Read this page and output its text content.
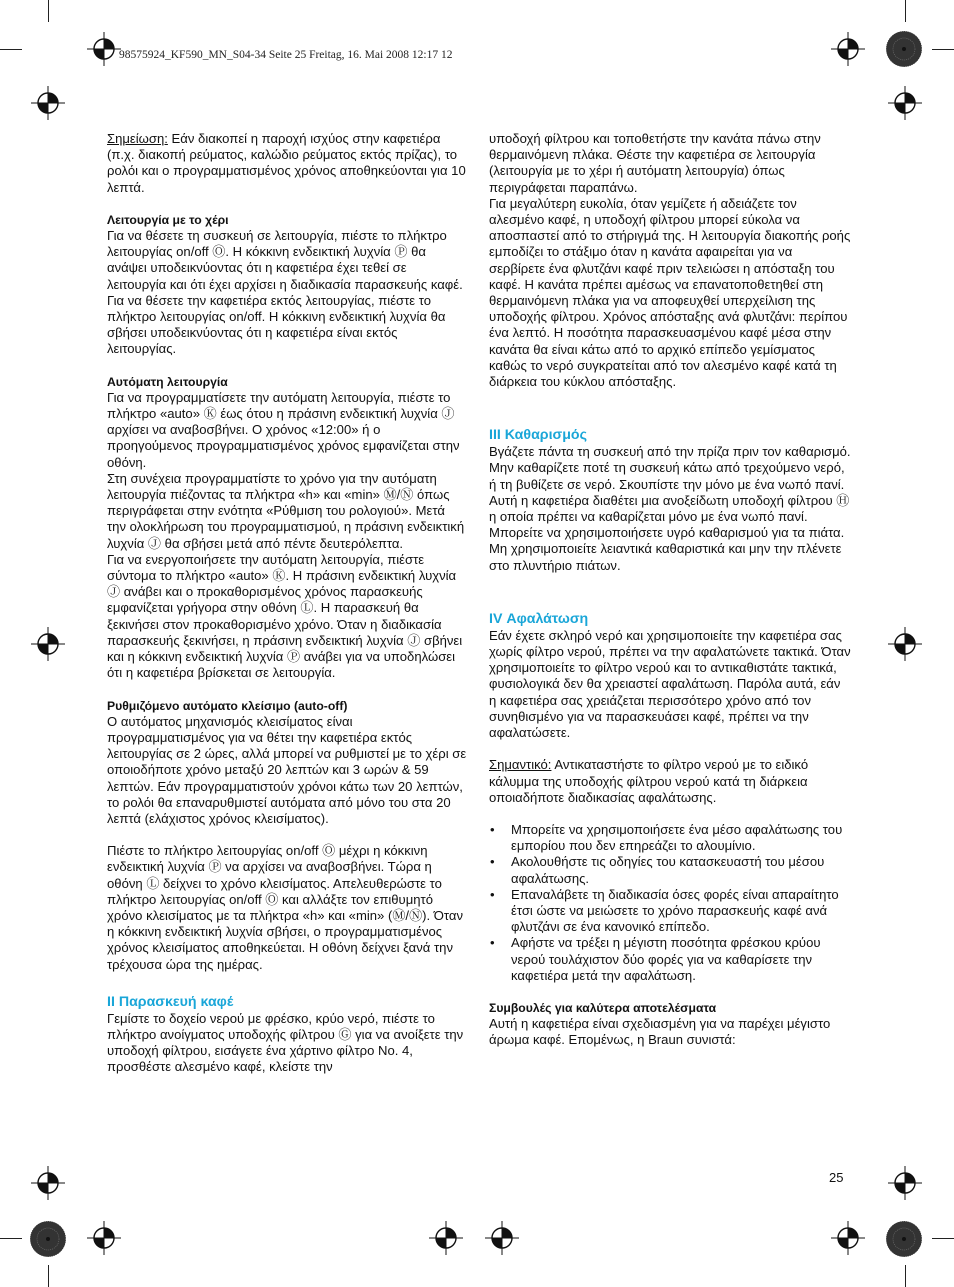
98575924_KF590_MN_S04-34 Seite 25 Freitag, 16. Mai 2008 12:17 12

Σημείωση: Εάν διακοπεί η παροχή ισχύος στην καφετιέρα (π.χ. διακοπή ρεύματος, καλώδιο ρεύματος εκτός πρίζας), το ρολόι και ο προγραμματισμένος χρόνος αποθηκεύονται για 10 λεπτά.

Λειτουργία με το χέρι

Για να θέσετε τη συσκευή σε λειτουργία, πιέστε το πλήκτρο λειτουργίας on/off Ⓞ. Η κόκκινη ενδεικτική λυχνία Ⓟ θα ανάψει υποδεικνύοντας ότι η καφετιέρα έχει τεθεί σε λειτουργία και ότι έχει αρχίσει η διαδικασία παρασκευής καφέ. Για να θέσετε την καφετιέρα εκτός λειτουργίας, πιέστε το πλήκτρο λειτουργίας on/off. Η κόκκινη ενδεικτική λυχνία θα σβήσει υποδεικνύοντας ότι η καφετιέρα είναι εκτός λειτουργίας.

Αυτόματη λειτουργία

Για να προγραμματίσετε την αυτόματη λειτουργία, πιέστε το πλήκτρο «auto» Ⓚ έως ότου η πράσινη ενδεικτική λυχνία Ⓙ αρχίσει να αναβοσβήνει. Ο χρόνος «12:00» ή ο προηγούμενος προγραμματισμένος χρόνος εμφανίζεται στην οθόνη.

Στη συνέχεια προγραμματίστε το χρόνο για την αυτόματη λειτουργία πιέζοντας τα πλήκτρα «h» και «min» Ⓜ/Ⓝ όπως περιγράφεται στην ενότητα «Ρύθμιση του ρολογιού». Μετά την ολοκλήρωση του προγραμματισμού, η πράσινη ενδεικτική λυχνία Ⓙ θα σβήσει μετά από πέντε δευτερόλεπτα.

Για να ενεργοποιήσετε την αυτόματη λειτουργία, πιέστε σύντομα το πλήκτρο «auto» Ⓚ. Η πράσινη ενδεικτική λυχνία Ⓙ ανάβει και ο προκαθορισμένος χρόνος παρασκευής εμφανίζεται γρήγορα στην οθόνη Ⓛ. Η παρασκευή θα ξεκινήσει στον προκαθορισμένο χρόνο. Όταν η διαδικασία παρασκευής ξεκινήσει, η πράσινη ενδεικτική λυχνία Ⓙ σβήνει και η κόκκινη ενδεικτική λυχνία Ⓟ ανάβει για να υποδηλώσει ότι η καφετιέρα βρίσκεται σε λειτουργία.

Ρυθμιζόμενο αυτόματο κλείσιμο (auto-off)

Ο αυτόματος μηχανισμός κλεισίματος είναι προγραμματισμένος για να θέτει την καφετιέρα εκτός λειτουργίας σε 2 ώρες, αλλά μπορεί να ρυθμιστεί με το χέρι σε οποιοδήποτε χρόνο μεταξύ 20 λεπτών και 3 ωρών & 59 λεπτών. Εάν προγραμματιστούν χρόνοι κάτω των 20 λεπτών, το ρολόι θα επαναρυθμιστεί αυτόματα από μόνο του στα 20 λεπτά (ελάχιστος χρόνος κλεισίματος).

Πιέστε το πλήκτρο λειτουργίας on/off Ⓞ μέχρι η κόκκινη ενδεικτική λυχνία Ⓟ να αρχίσει να αναβοσβήνει. Τώρα η οθόνη Ⓛ δείχνει το χρόνο κλεισίματος. Απελευθερώστε το πλήκτρο λειτουργίας on/off Ⓞ και αλλάξτε τον επιθυμητό χρόνο κλεισίματος με τα πλήκτρα «h» και «min» (Ⓜ/Ⓝ). Όταν η κόκκινη ενδεικτική λυχνία σβήσει, ο προγραμματισμένος χρόνος κλεισίματος αποθηκεύεται. Η οθόνη δείχνει ξανά την τρέχουσα ώρα της ημέρας.

II Παρασκευή καφέ

Γεμίστε το δοχείο νερού με φρέσκο, κρύο νερό, πιέστε το πλήκτρο ανοίγματος υποδοχής φίλτρου Ⓖ για να ανοίξετε την υποδοχή φίλτρου, εισάγετε ένα χάρτινο φίλτρο No. 4, προσθέστε αλεσμένο καφέ, κλείστε την

υποδοχή φίλτρου και τοποθετήστε την κανάτα πάνω στην θερμαινόμενη πλάκα. Θέστε την καφετιέρα σε λειτουργία (λειτουργία με το χέρι ή αυτόματη λειτουργία) όπως περιγράφεται παραπάνω.

Για μεγαλύτερη ευκολία, όταν γεμίζετε ή αδειάζετε τον αλεσμένο καφέ, η υποδοχή φίλτρου μπορεί εύκολα να αποσπαστεί από το στήριγμά της. Η λειτουργία διακοπής ροής εμποδίζει το στάξιμο όταν η κανάτα αφαιρείται για να σερβίρετε ένα φλυτζάνι καφέ πριν τελειώσει η απόσταξη του καφέ. Η κανάτα πρέπει αμέσως να επανατοποθετηθεί στη θερμαινόμενη πλάκα για να αποφευχθεί υπερχείλιση της υποδοχής φίλτρου. Χρόνος απόσταξης ανά φλυτζάνι: περίπου ένα λεπτό. Η ποσότητα παρασκευασμένου καφέ μέσα στην κανάτα θα είναι κάτω από το αρχικό επίπεδο γεμίσματος καθώς το νερό συγκρατείται από τον αλεσμένο καφέ κατά τη διάρκεια του κύκλου απόσταξης.

III Καθαρισμός

Βγάζετε πάντα τη συσκευή από την πρίζα πριν τον καθαρισμό. Μην καθαρίζετε ποτέ τη συσκευή κάτω από τρεχούμενο νερό, ή τη βυθίζετε σε νερό. Σκουπίστε την μόνο με ένα νωπό πανί.

Αυτή η καφετιέρα διαθέτει μια ανοξείδωτη υποδοχή φίλτρου Ⓗ η οποία πρέπει να καθαρίζεται μόνο με ένα νωπό πανί.

Μπορείτε να χρησιμοποιήσετε υγρό καθαρισμού για τα πιάτα. Μη χρησιμοποιείτε λειαντικά καθαριστικά και μην την πλένετε στο πλυντήριο πιάτων.

IV Αφαλάτωση

Εάν έχετε σκληρό νερό και χρησιμοποιείτε την καφετιέρα σας χωρίς φίλτρο νερού, πρέπει να την αφαλατώνετε τακτικά. Όταν χρησιμοποιείτε το φίλτρο νερού και το αντικαθιστάτε τακτικά, φυσιολογικά δεν θα χρειαστεί αφαλάτωση. Παρόλα αυτά, εάν η καφετιέρα σας χρειάζεται περισσότερο χρόνο από τον συνηθισμένο για να παρασκευάσει καφέ, πρέπει να την αφαλατώσετε.

Σημαντικό: Αντικαταστήστε το φίλτρο νερού με το ειδικό κάλυμμα της υποδοχής φίλτρου νερού κατά τη διάρκεια οποιαδήποτε διαδικασίας αφαλάτωσης.

• Μπορείτε να χρησιμοποιήσετε ένα μέσο αφαλάτωσης του εμπορίου που δεν επηρεάζει το αλουμίνιο.
• Ακολουθήστε τις οδηγίες του κατασκευαστή του μέσου αφαλάτωσης.
• Επαναλάβετε τη διαδικασία όσες φορές είναι απαραίτητο έτσι ώστε να μειώσετε το χρόνο παρασκευής καφέ ανά φλυτζάνι σε ένα κανονικό επίπεδο.
• Αφήστε να τρέξει η μέγιστη ποσότητα φρέσκου κρύου νερού τουλάχιστον δύο φορές για να καθαρίσετε την καφετιέρα μετά την αφαλάτωση.

Συμβουλές για καλύτερα αποτελέσματα

Αυτή η καφετιέρα είναι σχεδιασμένη για να παρέχει μέγιστο άρωμα καφέ. Επομένως, η Braun συνιστά:

25
